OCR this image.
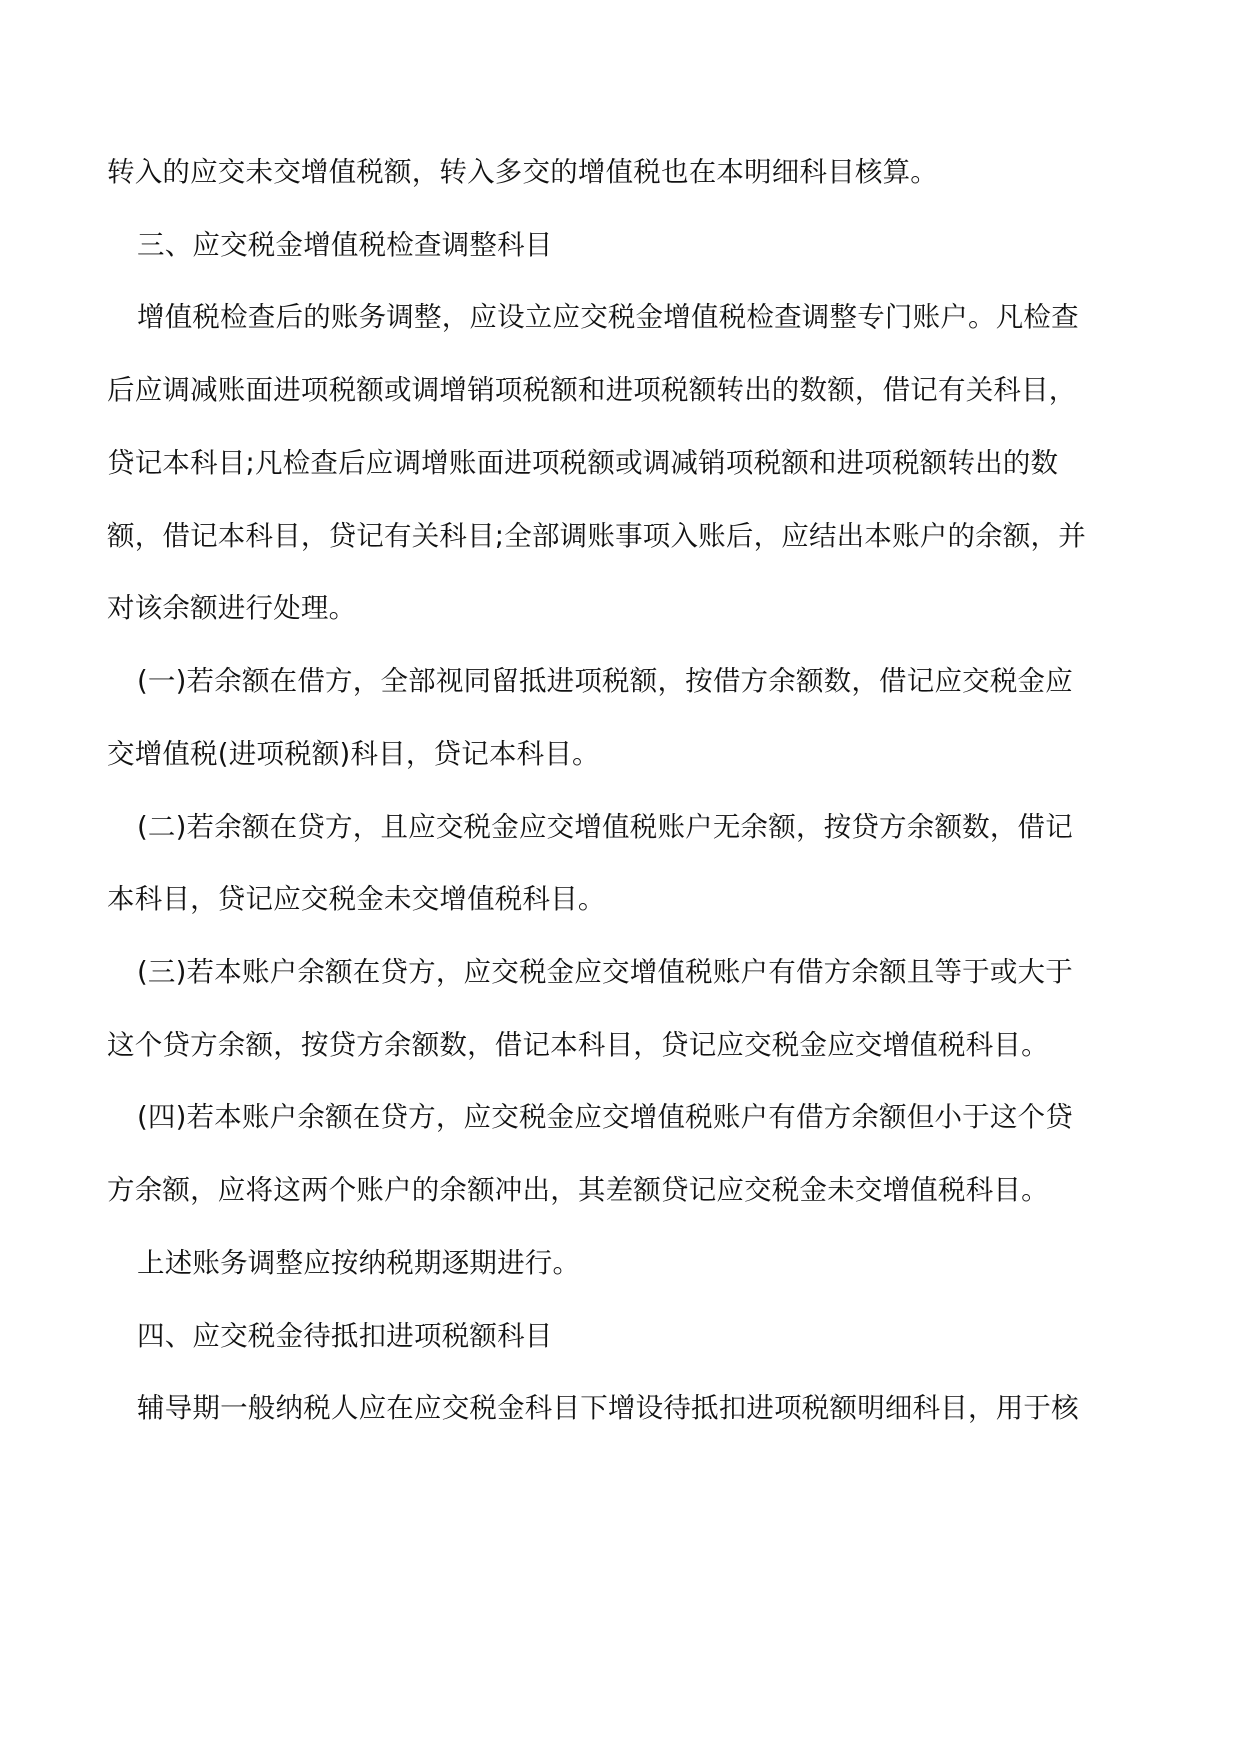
转入的应交未交增值税额，转入多交的增值税也在本明细科目核算。
三、应交税金增值税检查调整科目
增值税检查后的账务调整，应设立应交税金增值税检查调整专门账户。凡检查
后应调减账面进项税额或调增销项税额和进项税额转出的数额，借记有关科目，
贷记本科目;凡检查后应调增账面进项税额或调减销项税额和进项税额转出的数
额，借记本科目，贷记有关科目;全部调账事项入账后，应结出本账户的余额，并
对该余额进行处理。
(一)若余额在借方，全部视同留抵进项税额，按借方余额数，借记应交税金应
交增值税(进项税额)科目，贷记本科目。
(二)若余额在贷方，且应交税金应交增值税账户无余额，按贷方余额数，借记
本科目，贷记应交税金未交增值税科目。
(三)若本账户余额在贷方，应交税金应交增值税账户有借方余额且等于或大于
这个贷方余额，按贷方余额数，借记本科目，贷记应交税金应交增值税科目。
(四)若本账户余额在贷方，应交税金应交增值税账户有借方余额但小于这个贷
方余额，应将这两个账户的余额冲出，其差额贷记应交税金未交增值税科目。
上述账务调整应按纳税期逐期进行。
四、应交税金待抵扣进项税额科目
辅导期一般纳税人应在应交税金科目下增设待抵扣进项税额明细科目，用于核
